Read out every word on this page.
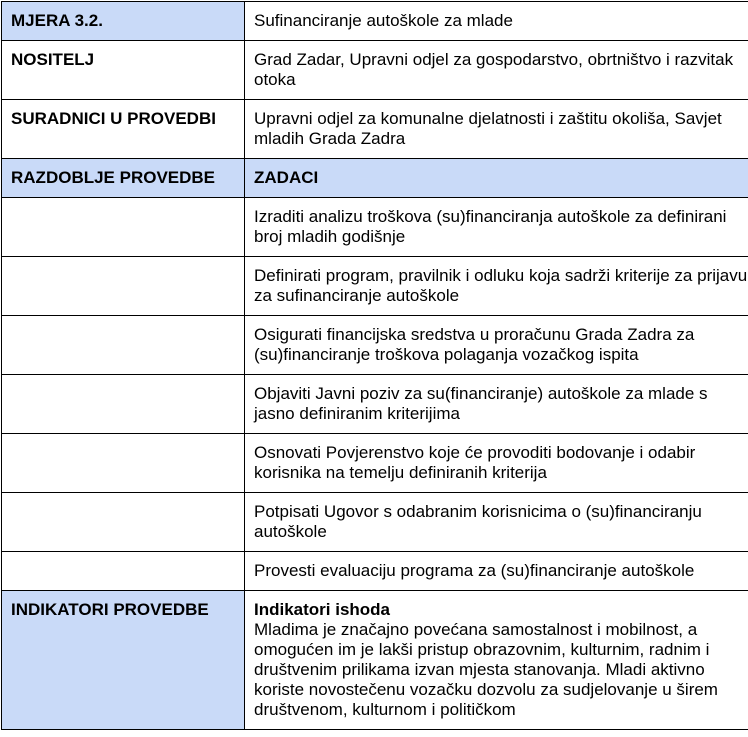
MJERA 3.2.	Sufinanciranje autoškole za mlade
NOSITELJ	Grad Zadar, Upravni odjel za gospodarstvo, obrtništvo i razvitak otoka
SURADNICI U PROVEDBI	Upravni odjel za komunalne djelatnosti i zaštitu okoliša, Savjet mladih Grada Zadra
RAZDOBLJE PROVEDBE	ZADACI
	Izraditi analizu troškova (su)financiranja autoškole za definirani broj mladih godišnje
	Definirati program, pravilnik i odluku koja sadrži kriterije za prijavu za sufinanciranje autoškole
	Osigurati financijska sredstva u proračunu Grada Zadra za (su)financiranje troškova polaganja vozačkog ispita
	Objaviti Javni poziv za su(financiranje) autoškole za mlade s jasno definiranim kriterijima
	Osnovati Povjerenstvo koje će provoditi bodovanje i odabir korisnika na temelju definiranih kriterija
	Potpisati Ugovor s odabranim korisnicima o (su)financiranju autoškole
	Provesti evaluaciju programa za (su)financiranje autoškole
INDIKATORI PROVEDBE	Indikatori ishoda
Mladima je značajno povećana samostalnost i mobilnost, a omogućen im je lakši pristup obrazovnim, kulturnim, radnim i društvenim prilikama izvan mjesta stanovanja. Mladi aktivno koriste novostečenu vozačku dozvolu za sudjelovanje u širem društvenom, kulturnom i političkom
